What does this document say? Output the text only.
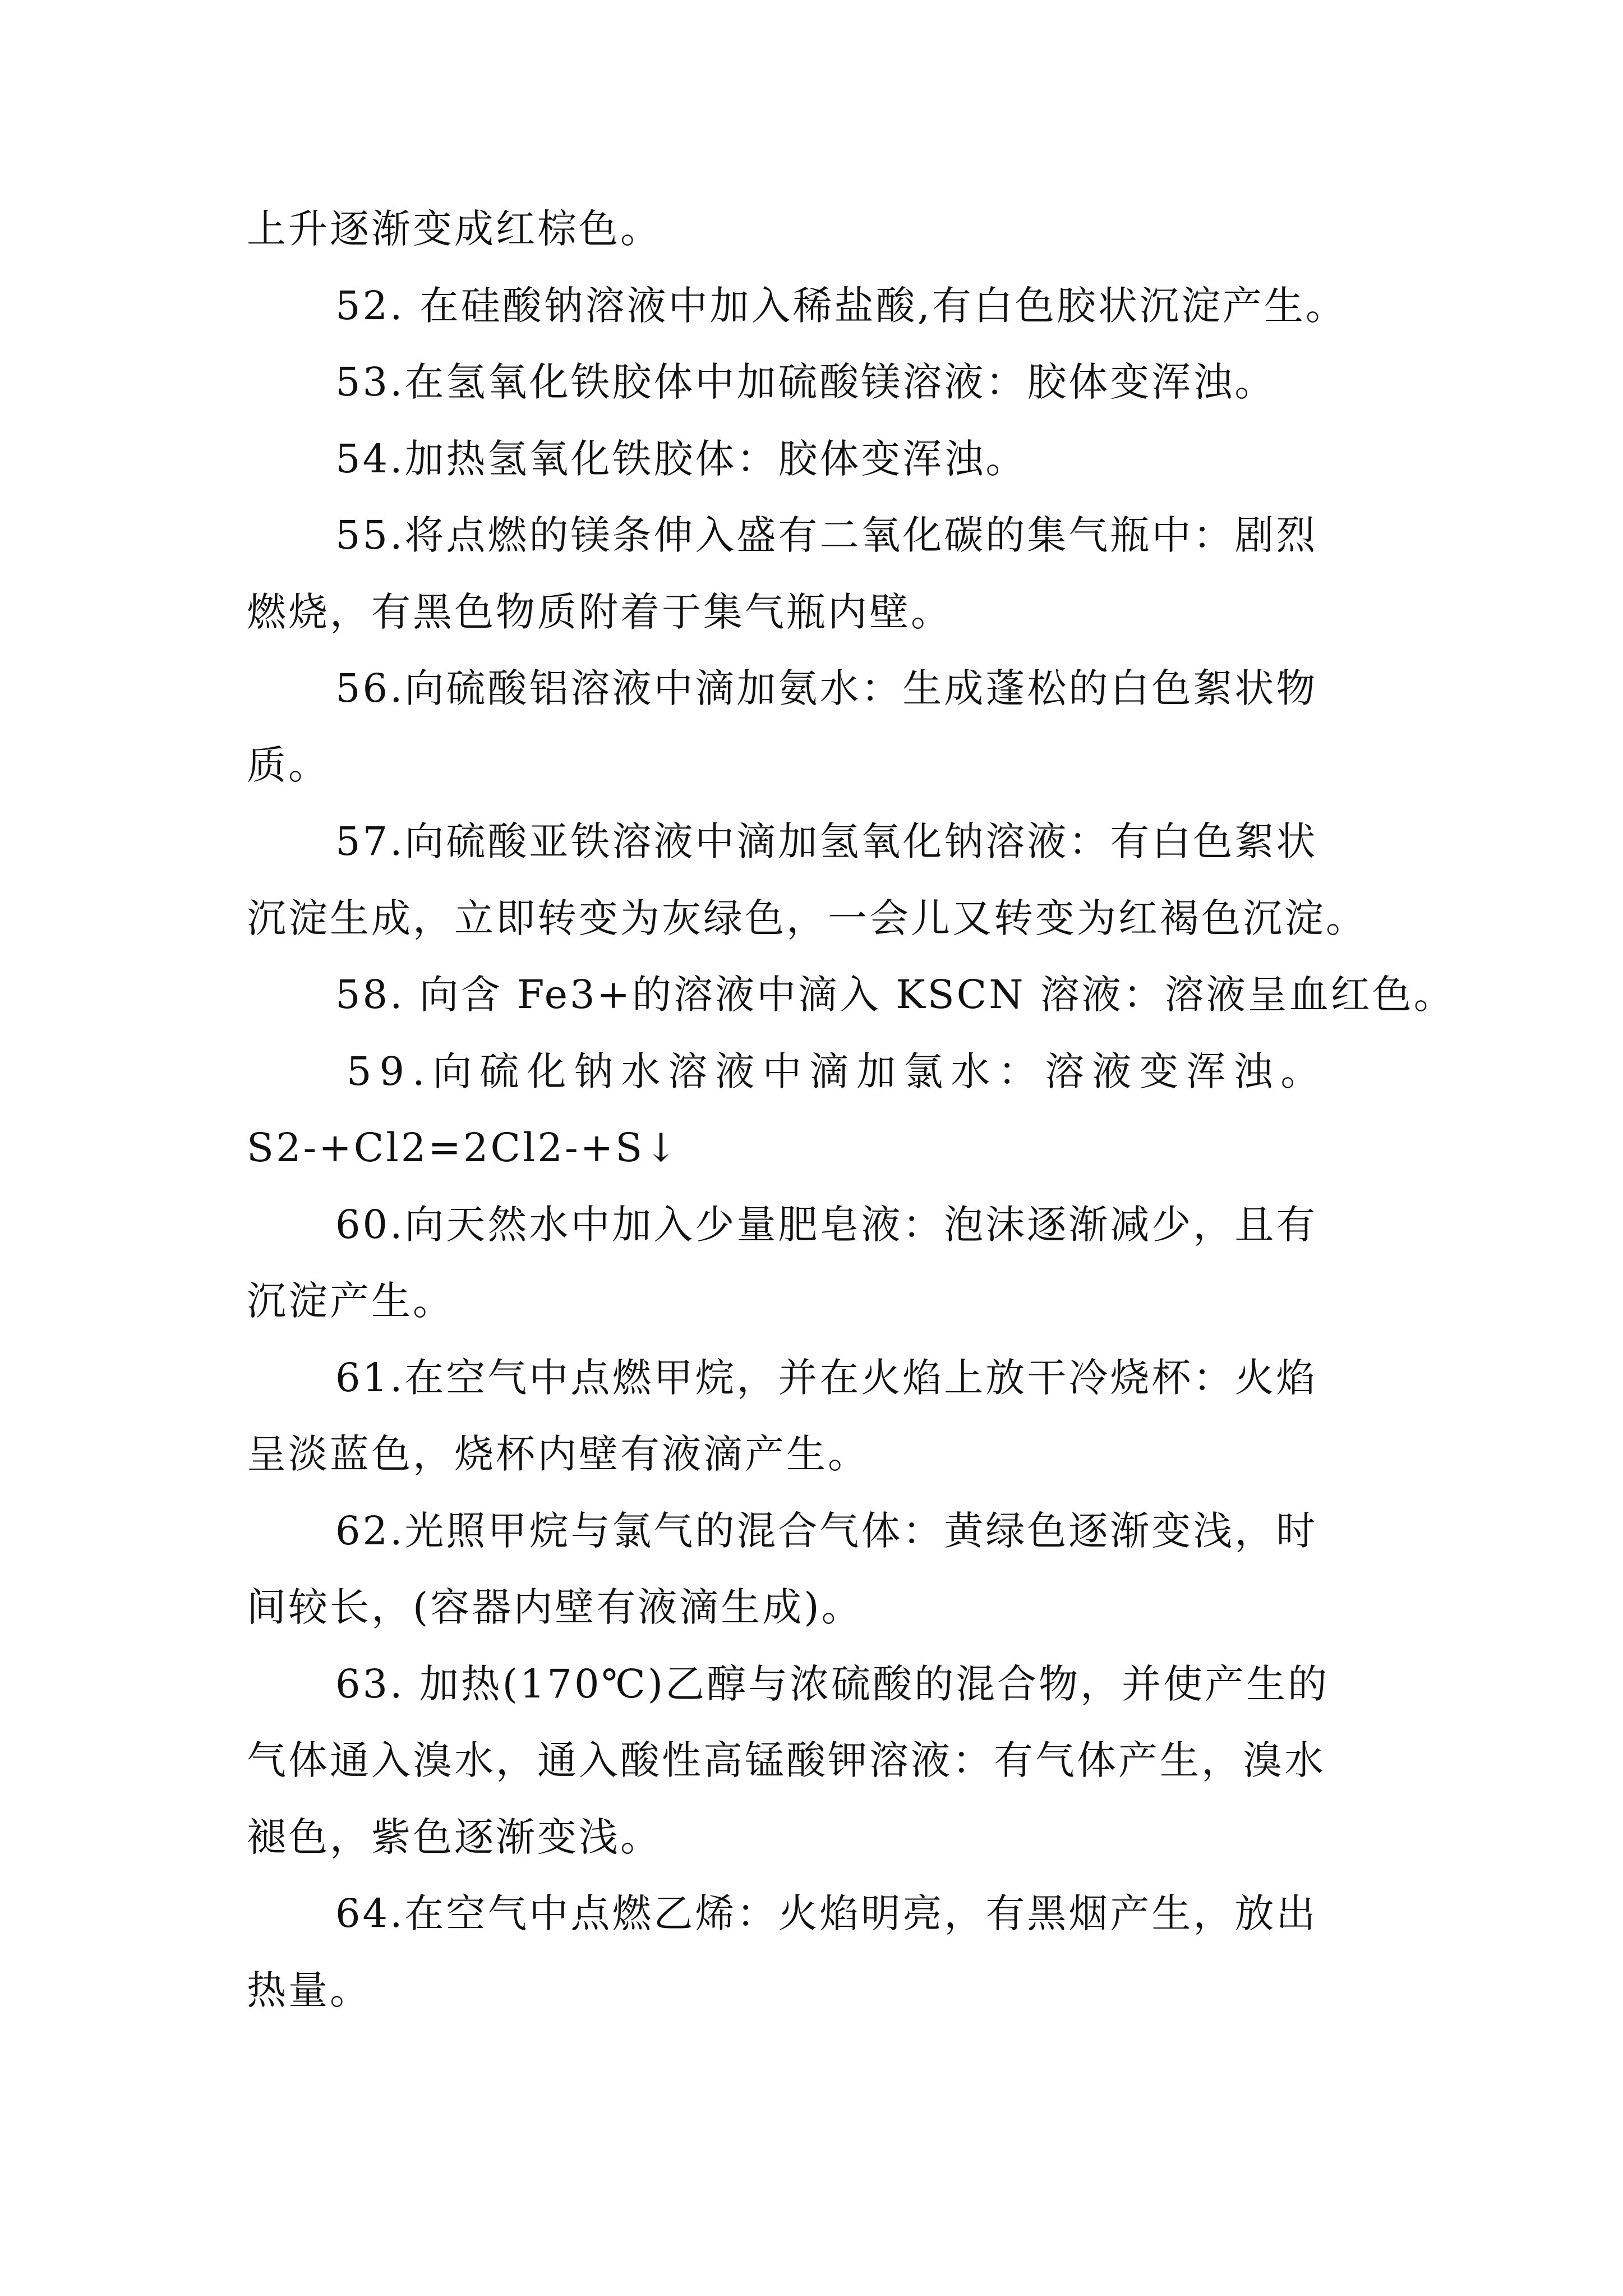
上升逐渐变成红棕色。
52. 在硅酸钠溶液中加入稀盐酸,有白色胶状沉淀产生。
53.在氢氧化铁胶体中加硫酸镁溶液：胶体变浑浊。
54.加热氢氧化铁胶体：胶体变浑浊。
55.将点燃的镁条伸入盛有二氧化碳的集气瓶中：剧烈
燃烧，有黑色物质附着于集气瓶内壁。
56.向硫酸铝溶液中滴加氨水：生成蓬松的白色絮状物
质。
57.向硫酸亚铁溶液中滴加氢氧化钠溶液：有白色絮状
沉淀生成，立即转变为灰绿色，一会儿又转变为红褐色沉淀。
58. 向含 Fe3+的溶液中滴入 KSCN 溶液：溶液呈血红色。
59.向硫化钠水溶液中滴加氯水：溶液变浑浊。
S2-+Cl2=2Cl2-+S↓
60.向天然水中加入少量肥皂液：泡沫逐渐减少，且有
沉淀产生。
61.在空气中点燃甲烷，并在火焰上放干冷烧杯：火焰
呈淡蓝色，烧杯内壁有液滴产生。
62.光照甲烷与氯气的混合气体：黄绿色逐渐变浅，时
间较长，(容器内壁有液滴生成)。
63. 加热(170℃)乙醇与浓硫酸的混合物，并使产生的
气体通入溴水，通入酸性高锰酸钾溶液：有气体产生，溴水
褪色，紫色逐渐变浅。
64.在空气中点燃乙烯：火焰明亮，有黑烟产生，放出
热量。
